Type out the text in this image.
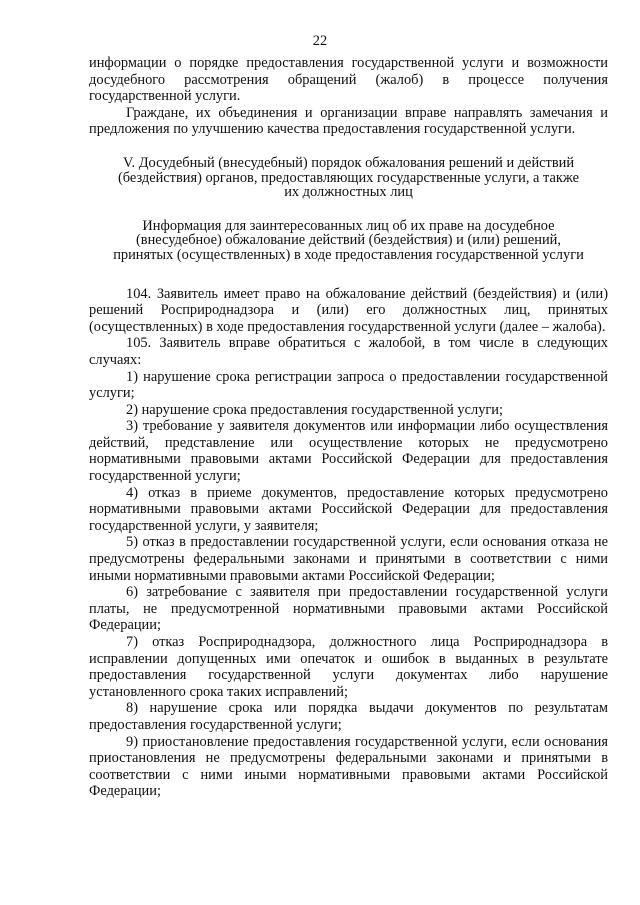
22

информации о порядке предоставления государственной услуги и возможности досудебного рассмотрения обращений (жалоб) в процессе получения государственной услуги.

Граждане, их объединения и организации вправе направлять замечания и предложения по улучшению качества предоставления государственной услуги.

V. Досудебный (внесудебный) порядок обжалования решений и действий (бездействия) органов, предоставляющих государственные услуги, а также их должностных лиц

Информация для заинтересованных лиц об их праве на досудебное (внесудебное) обжалование действий (бездействия) и (или) решений, принятых (осуществленных) в ходе предоставления государственной услуги

104. Заявитель имеет право на обжалование действий (бездействия) и (или) решений Росприроднадзора и (или) его должностных лиц, принятых (осуществленных) в ходе предоставления государственной услуги (далее – жалоба).

105. Заявитель вправе обратиться с жалобой, в том числе в следующих случаях:

1) нарушение срока регистрации запроса о предоставлении государственной услуги;

2) нарушение срока предоставления государственной услуги;

3) требование у заявителя документов или информации либо осуществления действий, представление или осуществление которых не предусмотрено нормативными правовыми актами Российской Федерации для предоставления государственной услуги;

4) отказ в приеме документов, предоставление которых предусмотрено нормативными правовыми актами Российской Федерации для предоставления государственной услуги, у заявителя;

5) отказ в предоставлении государственной услуги, если основания отказа не предусмотрены федеральными законами и принятыми в соответствии с ними иными нормативными правовыми актами Российской Федерации;

6) затребование с заявителя при предоставлении государственной услуги платы, не предусмотренной нормативными правовыми актами Российской Федерации;

7) отказ Росприроднадзора, должностного лица Росприроднадзора в исправлении допущенных ими опечаток и ошибок в выданных в результате предоставления государственной услуги документах либо нарушение установленного срока таких исправлений;

8) нарушение срока или порядка выдачи документов по результатам предоставления государственной услуги;

9) приостановление предоставления государственной услуги, если основания приостановления не предусмотрены федеральными законами и принятыми в соответствии с ними иными нормативными правовыми актами Российской Федерации;
